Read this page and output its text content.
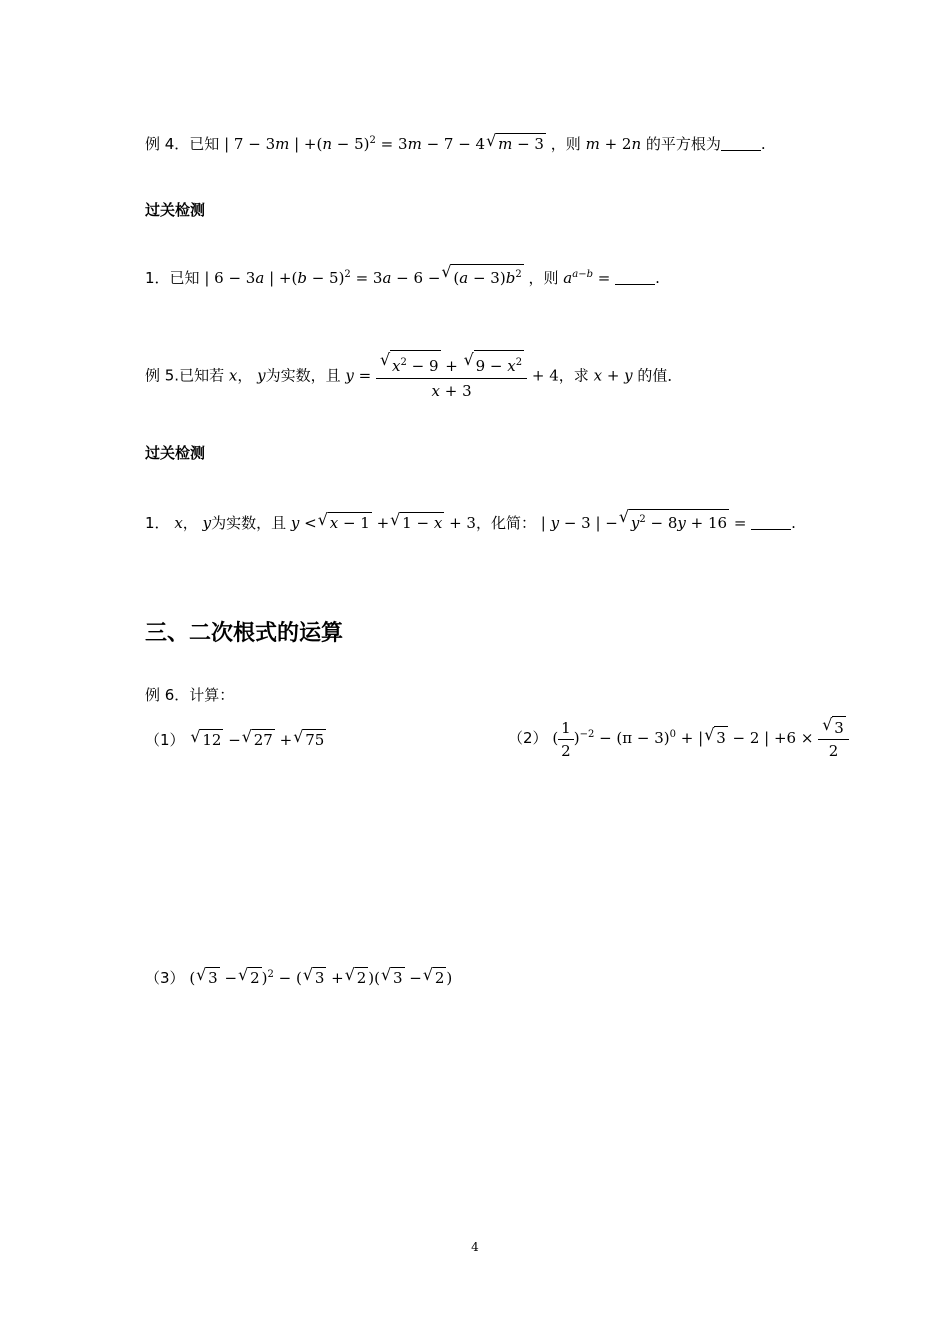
例 4．已知 | 7 − 3m | $+(n - 5)^2 = 3m - 7 - 4√$ m − 3 ，则 m + 2n 的平方根为	.
过关检测
1．已知 | 6 − 3a | $+(b - 5)^2 = 3a - 6$ −√ $(a - 3)b^2$ ，则 $a^{a-b}$ =	.
例 5.已知若 x， y为实数，且 y =
√ $\frac{x^2 - 9 + √ 9 - x^2}{x + 3} + 4$，求 x + y 的值．
过关检测
1． x， y为实数，且 y <√ x − 1 +√ 1 − x + 3，化简： | y − 3 | −√ $y^2 - 8y + 16$ =	.
三、二次根式的运算
例 6．计算：
（1） √ 12 −√ 27 +√ 75	（2） ( $\frac{1}{2} )^{-2} - (\pi - 3)^0$ + |√ 3 − 2 | +6 ×
√ $\frac{3}{2}$
（3） (√ 3 −√ 2 )$^2$ − (√ 3 +√ 2 )(√ 3 −√ 2 )
4
